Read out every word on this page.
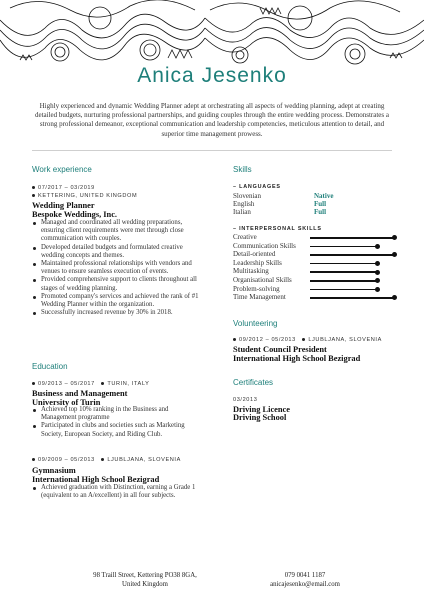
Anica Jesenko
Highly experienced and dynamic Wedding Planner adept at orchestrating all aspects of wedding planning, adept at creating detailed budgets, nurturing professional partnerships, and guiding couples through the entire wedding process. Demonstrates a strong professional demeanor, exceptional communication and leadership competencies, meticulous attention to detail, and superior time management prowess.
Work experience
07/2017 – 03/2019
KETTERING, UNITED KINGDOM
Wedding Planner
Bespoke Weddings, Inc.
Managed and coordinated all wedding preparations, ensuring client requirements were met through close communication with couples.
Developed detailed budgets and formulated creative wedding concepts and themes.
Maintained professional relationships with vendors and venues to ensure seamless execution of events.
Provided comprehensive support to clients throughout all stages of wedding planning.
Promoted company's services and achieved the rank of #1 Wedding Planner within the organization.
Successfully increased revenue by 30% in 2018.
Education
09/2013 – 05/2017 TURIN, ITALY
Business and Management
University of Turin
Achieved top 10% ranking in the Business and Management programme
Participated in clubs and societies such as Marketing Society, European Society, and Riding Club.
09/2009 – 05/2013 LJUBLJANA, SLOVENIA
Gymnasium
International High School Bezigrad
Achieved graduation with Distinction, earning a Grade 1 (equivalent to an A/excellent) in all four subjects.
Skills
– LANGUAGES
Slovenian	Native
English	Full
Italian	Full
– INTERPERSONAL SKILLS
Creative
Communication Skills
Detail-oriented
Leadership Skills
Multitasking
Organisational Skills
Problem-solving
Time Management
Volunteering
09/2012 – 05/2013 LJUBLJANA, SLOVENIA
Student Council President
International High School Bezigrad
Certificates
03/2013
Driving Licence
Driving School
98 Traill Street, Kettering PO38 8GA,
United Kingdom
079 0041 1187
anicajesenko@email.com
